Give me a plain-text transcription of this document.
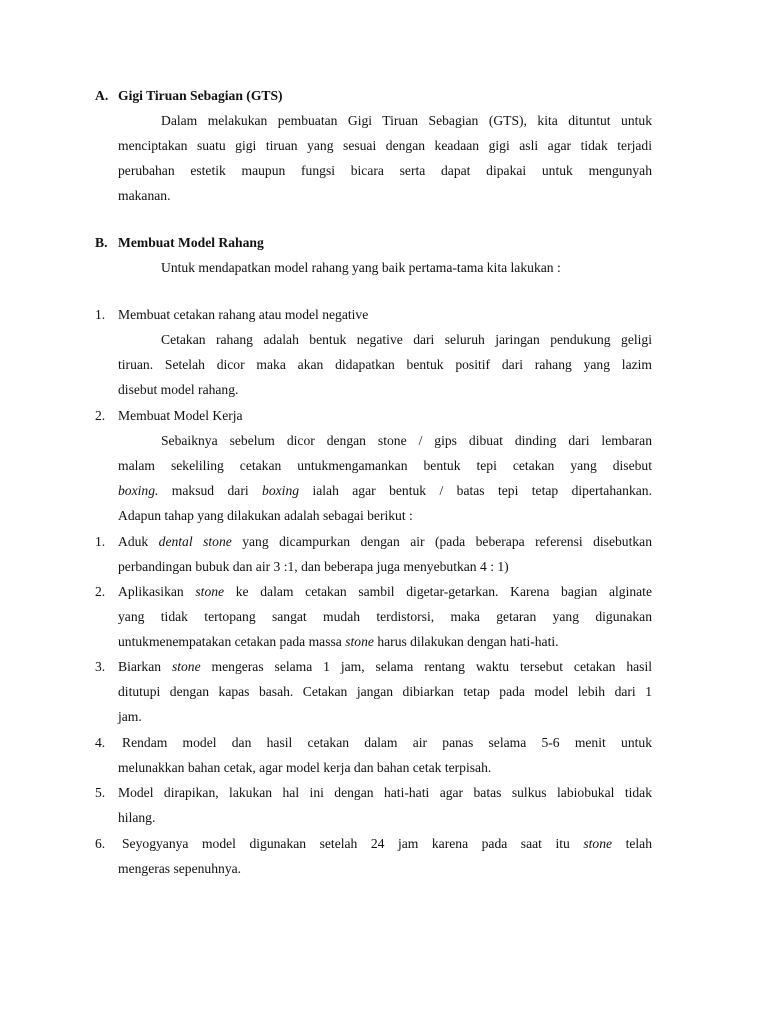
A. Gigi Tiruan Sebagian (GTS)
Dalam melakukan pembuatan Gigi Tiruan Sebagian (GTS), kita dituntut untuk
menciptakan suatu gigi tiruan yang sesuai dengan keadaan gigi asli agar tidak terjadi
perubahan estetik maupun fungsi bicara serta dapat dipakai untuk mengunyah
makanan.
B. Membuat Model Rahang
Untuk mendapatkan model rahang yang baik pertama-tama kita lakukan :
1. Membuat cetakan rahang atau model negative
Cetakan rahang adalah bentuk negative dari seluruh jaringan pendukung geligi
tiruan. Setelah dicor maka akan didapatkan bentuk positif dari rahang yang lazim
disebut model rahang.
2. Membuat Model Kerja
Sebaiknya sebelum dicor dengan stone / gips dibuat dinding dari lembaran
malam sekeliling cetakan untukmengamankan bentuk tepi cetakan yang disebut
boxing. maksud dari boxing ialah agar bentuk / batas tepi tetap dipertahankan.
Adapun tahap yang dilakukan adalah sebagai berikut :
1. Aduk dental stone yang dicampurkan dengan air (pada beberapa referensi disebutkan
perbandingan bubuk dan air 3 :1, dan beberapa juga menyebutkan 4 : 1)
2. Aplikasikan stone ke dalam cetakan sambil digetar-getarkan. Karena bagian alginate
yang tidak tertopang sangat mudah terdistorsi, maka getaran yang digunakan
untukmenempatakan cetakan pada massa stone harus dilakukan dengan hati-hati.
3. Biarkan stone mengeras selama 1 jam, selama rentang waktu tersebut cetakan hasil
ditutupi dengan kapas basah. Cetakan jangan dibiarkan tetap pada model lebih dari 1
jam.
4. Rendam model dan hasil cetakan dalam air panas selama 5-6 menit untuk
melunakkan bahan cetak, agar model kerja dan bahan cetak terpisah.
5. Model dirapikan, lakukan hal ini dengan hati-hati agar batas sulkus labiobukal tidak
hilang.
6. Seyogyanya model digunakan setelah 24 jam karena pada saat itu stone telah
mengeras sepenuhnya.
